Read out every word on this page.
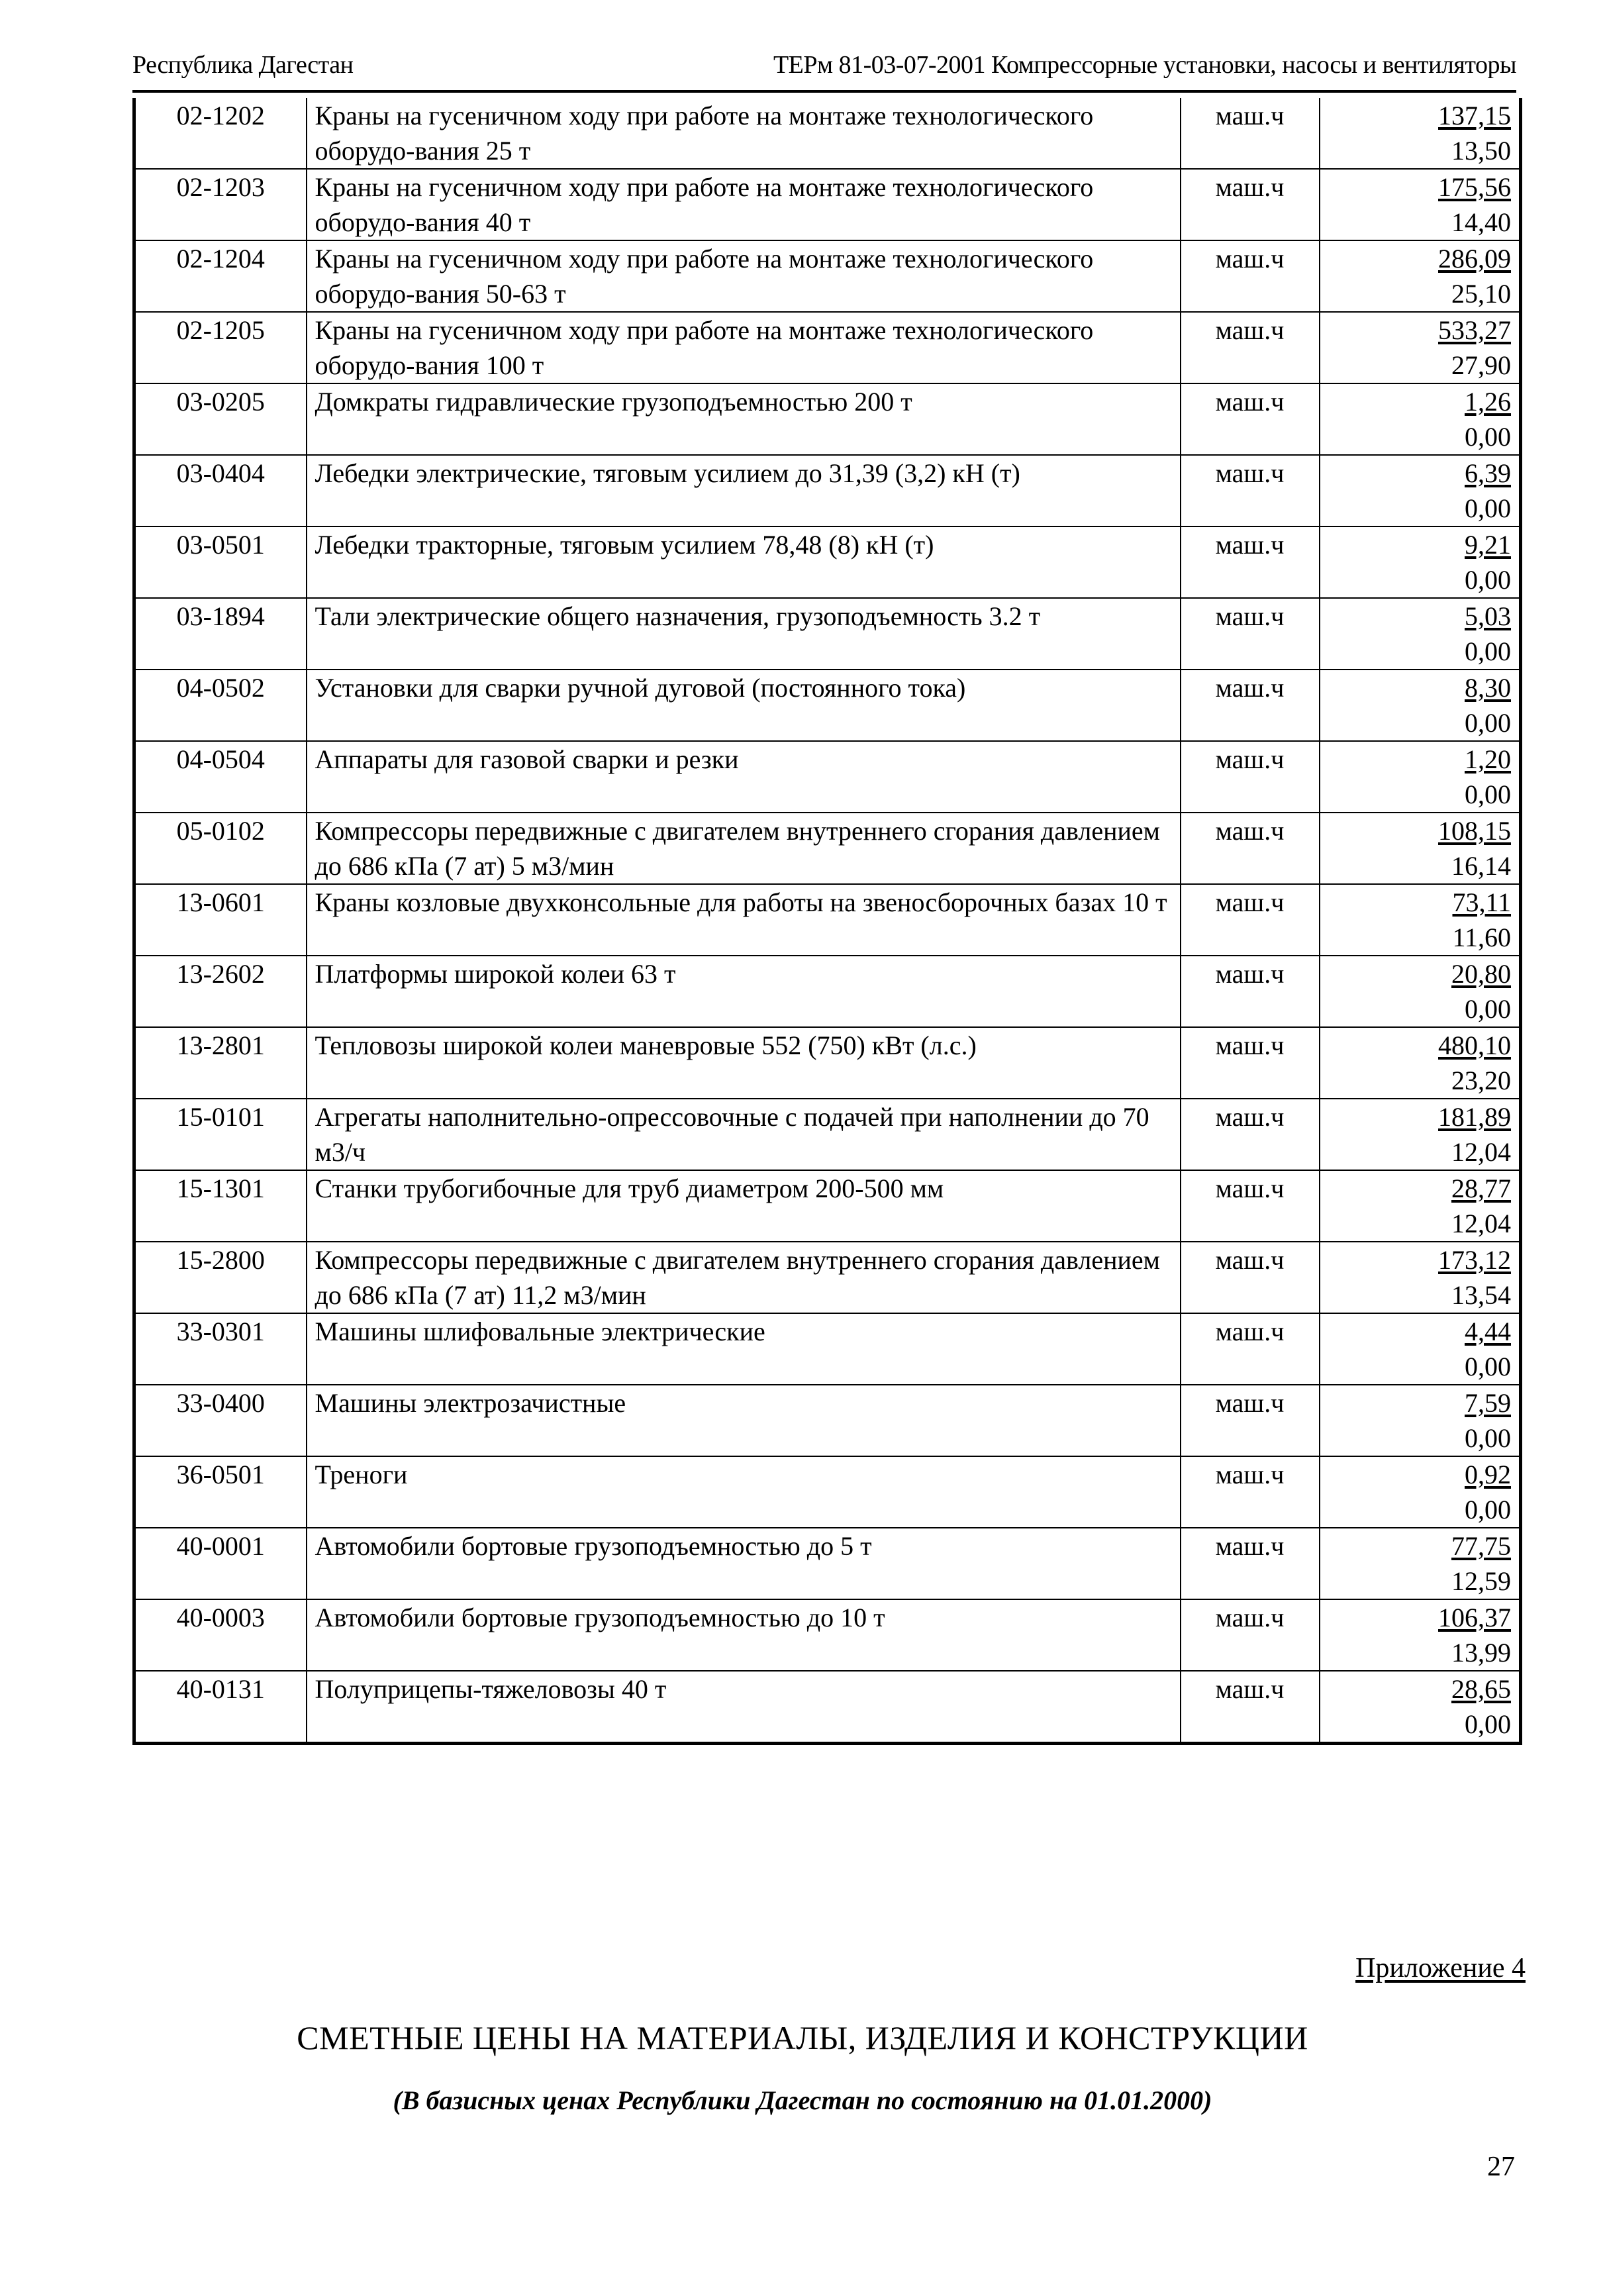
Республика Дагестан	ТЕРм 81-03-07-2001 Компрессорные установки, насосы и вентиляторы
02-1202	Краны на гусеничном ходу при работе на монтаже технологического оборудо-вания 25 т	маш.ч	137,15
13,50

02-1203	Краны на гусеничном ходу при работе на монтаже технологического оборудо-вания 40 т	маш.ч	175,56
14,40

02-1204	Краны на гусеничном ходу при работе на монтаже технологического оборудо-вания 50-63 т	маш.ч	286,09
25,10

02-1205	Краны на гусеничном ходу при работе на монтаже технологического оборудо-вания 100 т	маш.ч	533,27
27,90

03-0205	Домкраты гидравлические грузоподъемностью 200 т	маш.ч	1,26
0,00

03-0404	Лебедки электрические, тяговым усилием до 31,39 (3,2) кН (т)	маш.ч	6,39
0,00

03-0501	Лебедки тракторные, тяговым усилием 78,48 (8) кН (т)	маш.ч	9,21
0,00

03-1894	Тали электрические общего назначения, грузоподъемность 3.2 т	маш.ч	5,03
0,00

04-0502	Установки для сварки ручной дуговой (постоянного тока)	маш.ч	8,30
0,00

04-0504	Аппараты для газовой сварки и резки	маш.ч	1,20
0,00

05-0102	Компрессоры передвижные с двигателем внутреннего сгорания давлением до 686 кПа (7 ат) 5 м3/мин	маш.ч	108,15
16,14

13-0601	Краны козловые двухконсольные для работы на звеносборочных базах 10 т	маш.ч	73,11
11,60

13-2602	Платформы широкой колеи 63 т	маш.ч	20,80
0,00

13-2801	Тепловозы широкой колеи маневровые 552 (750) кВт (л.с.)	маш.ч	480,10
23,20

15-0101	Агрегаты наполнительно-опрессовочные с подачей при наполнении до 70 м3/ч	маш.ч	181,89
12,04

15-1301	Станки трубогибочные для труб диаметром 200-500 мм	маш.ч	28,77
12,04

15-2800	Компрессоры передвижные с двигателем внутреннего сгорания давлением до 686 кПа (7 ат) 11,2 м3/мин	маш.ч	173,12
13,54

33-0301	Машины шлифовальные электрические	маш.ч	4,44
0,00

33-0400	Машины электрозачистные	маш.ч	7,59
0,00

36-0501	Треноги	маш.ч	0,92
0,00

40-0001	Автомобили бортовые грузоподъемностью до 5 т	маш.ч	77,75
12,59

40-0003	Автомобили бортовые грузоподъемностью до 10 т	маш.ч	106,37
13,99

40-0131	Полуприцепы-тяжеловозы 40 т	маш.ч	28,65
0,00
Приложение 4
СМЕТНЫЕ ЦЕНЫ НА МАТЕРИАЛЫ, ИЗДЕЛИЯ И КОНСТРУКЦИИ
(В базисных ценах Республики Дагестан по состоянию на 01.01.2000)
27
